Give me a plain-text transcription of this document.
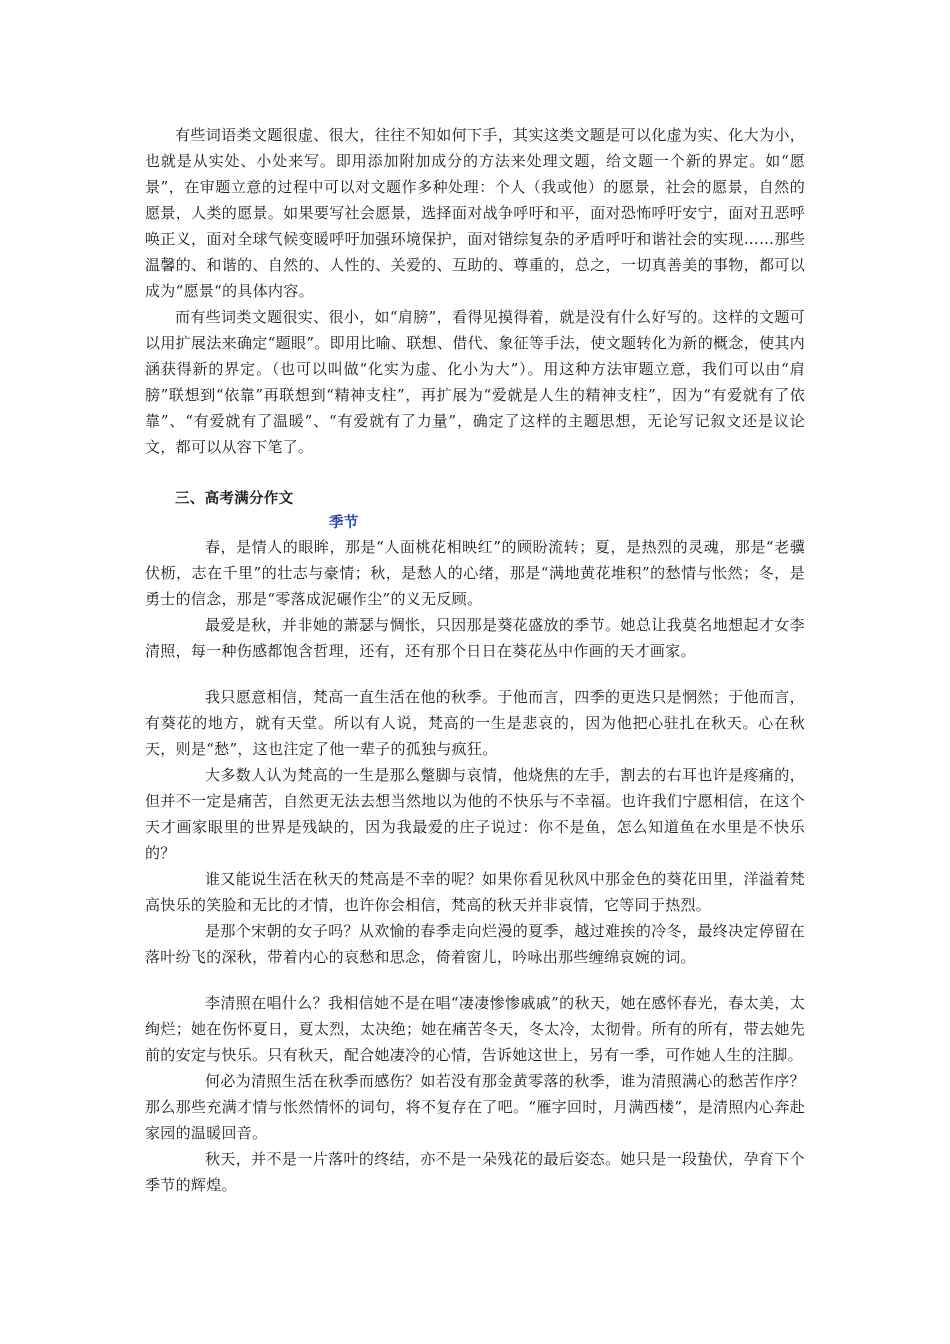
有些词语类文题很虚、很大，往往不知如何下手，其实这类文题是可以化虚为实、化大为小，也就是从实处、小处来写。即用添加附加成分的方法来处理文题，给文题一个新的界定。如“愿景”，在审题立意的过程中可以对文题作多种处理：个人（我或他）的愿景，社会的愿景，自然的愿景，人类的愿景。如果要写社会愿景，选择面对战争呼吁和平，面对恐怖呼吁安宁，面对丑恶呼唤正义，面对全球气候变暖呼吁加强环境保护，面对错综复杂的矛盾呼吁和谐社会的实现……那些温馨的、和谐的、自然的、人性的、关爱的、互助的、尊重的，总之，一切真善美的事物，都可以成为“愿景“的具体内容。

而有些词类文题很实、很小，如“肩膀”，看得见摸得着，就是没有什么好写的。这样的文题可以用扩展法来确定“题眼”。即用比喻、联想、借代、象征等手法，使文题转化为新的概念，使其内涵获得新的界定。（也可以叫做“化实为虚、化小为大”）。用这种方法审题立意，我们可以由“肩膀”联想到“依靠”再联想到“精神支柱”，再扩展为“爱就是人生的精神支柱”，因为“有爱就有了依靠”、“有爱就有了温暖”、“有爱就有了力量”，确定了这样的主题思想，无论写记叙文还是议论文，都可以从容下笔了。

三、高考满分作文

季节

春，是情人的眼眸，那是“人面桃花相映红”的顾盼流转；夏，是热烈的灵魂，那是“老骥伏枥，志在千里”的壮志与豪情；秋，是愁人的心绪，那是“满地黄花堆积”的愁情与怅然；冬，是勇士的信念，那是“零落成泥碾作尘”的义无反顾。

最爱是秋，并非她的萧瑟与惆怅，只因那是葵花盛放的季节。她总让我莫名地想起才女李清照，每一种伤感都饱含哲理，还有，还有那个日日在葵花丛中作画的天才画家。

我只愿意相信，梵高一直生活在他的秋季。于他而言，四季的更迭只是惘然；于他而言，有葵花的地方，就有天堂。所以有人说，梵高的一生是悲哀的，因为他把心驻扎在秋天。心在秋天，则是“愁”，这也注定了他一辈子的孤独与疯狂。

大多数人认为梵高的一生是那么蹩脚与哀情，他烧焦的左手，割去的右耳也许是疼痛的，但并不一定是痛苦，自然更无法去想当然地以为他的不快乐与不幸福。也许我们宁愿相信，在这个天才画家眼里的世界是残缺的，因为我最爱的庄子说过：你不是鱼，怎么知道鱼在水里是不快乐的？

谁又能说生活在秋天的梵高是不幸的呢？如果你看见秋风中那金色的葵花田里，洋溢着梵高快乐的笑脸和无比的才情，也许你会相信，梵高的秋天并非哀情，它等同于热烈。

是那个宋朝的女子吗？从欢愉的春季走向烂漫的夏季，越过难挨的冷冬，最终决定停留在落叶纷飞的深秋，带着内心的哀愁和思念，倚着窗儿，吟咏出那些缠绵哀婉的词。

李清照在唱什么？我相信她不是在唱“凄凄惨惨戚戚”的秋天，她在感怀春光，春太美，太绚烂；她在伤怀夏日，夏太烈，太决绝；她在痛苦冬天，冬太冷，太彻骨。所有的所有，带去她先前的安定与快乐。只有秋天，配合她凄冷的心情，告诉她这世上，另有一季，可作她人生的注脚。

何必为清照生活在秋季而感伤？如若没有那金黄零落的秋季，谁为清照满心的愁苦作序？那么那些充满才情与怅然情怀的词句，将不复存在了吧。“雁字回时，月满西楼”，是清照内心奔赴家园的温暖回音。

秋天，并不是一片落叶的终结，亦不是一朵残花的最后姿态。她只是一段蛰伏，孕育下个季节的辉煌。
